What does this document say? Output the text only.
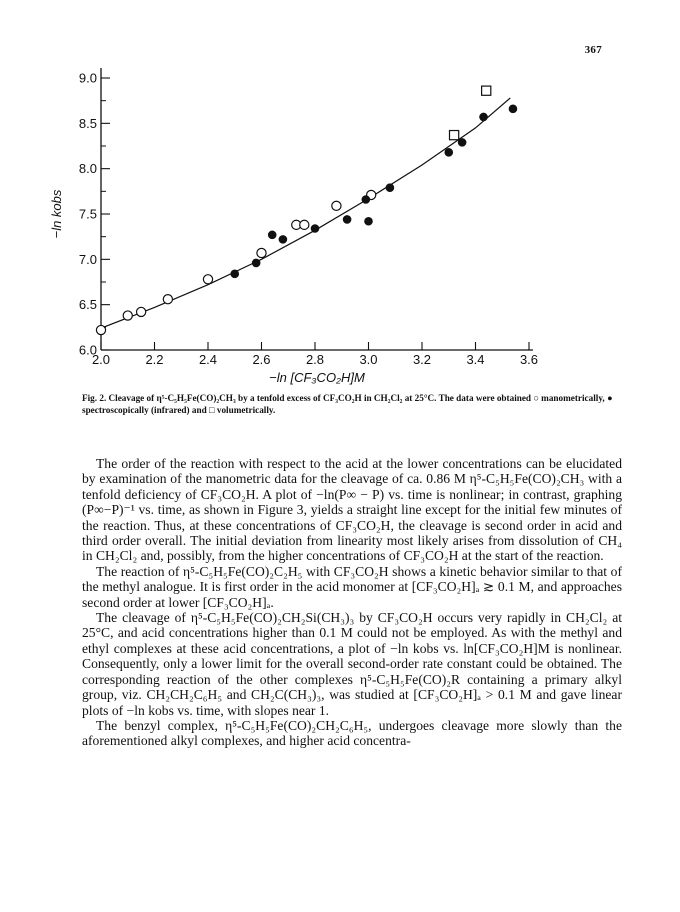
367
6.0
6.5
7.0
7.5
8.0
8.5
9.0
2.0	2.2	2.4	2.6	2.8	3.0	3.2	3.4	3.6
−ln [CF₃CO₂H]M
−ln kobs
Fig. 2. Cleavage of η⁵-C₅H₅Fe(CO)₂CH₃ by a tenfold excess of CF₃CO₂H in CH₂Cl₂ at 25°C. The data were obtained ○ manometrically, ● spectroscopically (infrared) and □ volumetrically.

The order of the reaction with respect to the acid at the lower concentrations can be elucidated by examination of the manometric data for the cleavage of ca. 0.86 M η⁵-C₅H₅Fe(CO)₂CH₃ with a tenfold deficiency of CF₃CO₂H. A plot of −ln(P∞ − P) vs. time is nonlinear; in contrast, graphing (P∞−P)⁻¹ vs. time, as shown in Figure 3, yields a straight line except for the initial few minutes of the reaction. Thus, at these concentrations of CF₃CO₂H, the cleavage is second order in acid and third order overall. The initial deviation from linearity most likely arises from dissolution of CH₄ in CH₂Cl₂ and, possibly, from the higher concentrations of CF₃CO₂H at the start of the reaction.

The reaction of η⁵-C₅H₅Fe(CO)₂C₂H₅ with CF₃CO₂H shows a kinetic behavior similar to that of the methyl analogue. It is first order in the acid monomer at [CF₃CO₂H]ₐ ≳ 0.1 M, and approaches second order at lower [CF₃CO₂H]ₐ.

The cleavage of η⁵-C₅H₅Fe(CO)₂CH₂Si(CH₃)₃ by CF₃CO₂H occurs very rapidly in CH₂Cl₂ at 25°C, and acid concentrations higher than 0.1 M could not be employed. As with the methyl and ethyl complexes at these acid concentrations, a plot of −ln kobs vs. ln[CF₃CO₂H]M is nonlinear. Consequently, only a lower limit for the overall second-order rate constant could be obtained. The corresponding reaction of the other complexes η⁵-C₅H₅Fe(CO)₂R containing a primary alkyl group, viz. CH₂CH₂C₆H₅ and CH₂C(CH₃)₃, was studied at [CF₃CO₂H]ₐ > 0.1 M and gave linear plots of −ln kobs vs. time, with slopes near 1.

The benzyl complex, η⁵-C₅H₅Fe(CO)₂CH₂C₆H₅, undergoes cleavage more slowly than the aforementioned alkyl complexes, and higher acid concentra-
